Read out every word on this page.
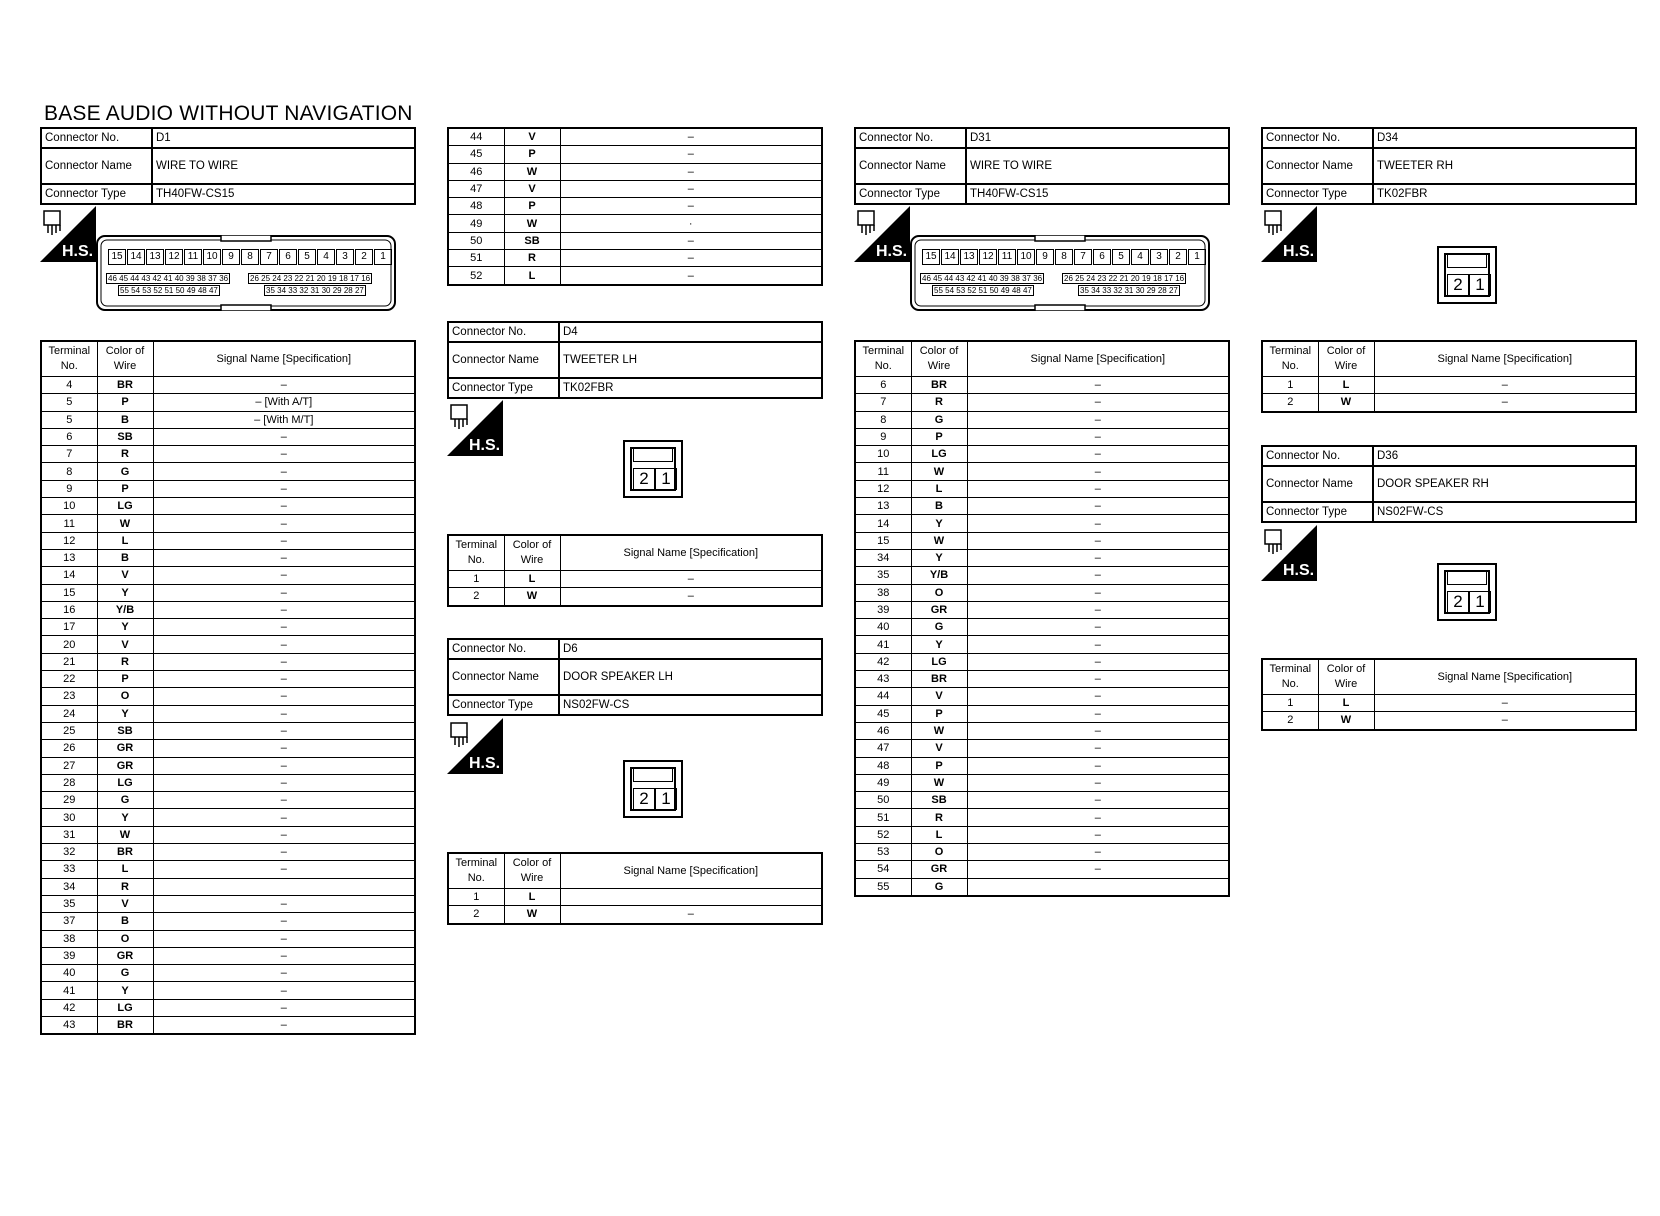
BASE AUDIO WITHOUT NAVIGATION
Connector No.	D1
Connector Name	WIRE TO WIRE
Connector Type	TH40FW-CS15
H.S.	15 14 13 12 11 10	9	8	7	6	5	4	3	2	1
46 45 44 43 42 41 40 39 38 37 36	26 25 24 23 22 21 20 19 18 17 16
55 54 53 52 51 50 49 48 47	35 34 33 32 31 30 29 28 27
Terminal No.	Color of Wire	Signal Name [Specification]
4	BR	–
5	P	– [With A/T]
5	B	– [With M/T]
6	SB	–
7	R	–
8	G	–
9	P	–
10	LG	–
11	W	–
12	L	–
13	B	–
14	V	–
15	Y	–
16	Y/B	–
17	Y	–
20	V	–
21	R	–
22	P	–
23	O	–
24	Y	–
25	SB	–
26	GR	–
27	GR	–
28	LG	–
29	G	–
30	Y	–
31	W	–
32	BR	–
33	L	–
34	R	
35	V	–
37	B	–
38	O	–
39	GR	–
40	G	–
41	Y	–
42	LG	–
43	BR	–
44	V	–
45	P	–
46	W	–
47	V	–
48	P	–
49	W	·
50	SB	–
51	R	–
52	L	–
Connector No.	D4
Connector Name	TWEETER LH
Connector Type	TK02FBR
H.S.
2 1
Terminal No.	Color of Wire	Signal Name [Specification]
1	L	–
2	W	–
Connector No.	D6
Connector Name	DOOR SPEAKER LH
Connector Type	NS02FW-CS
H.S.
2 1
Terminal No.	Color of Wire	Signal Name [Specification]
1	L	
2	W	–
Connector No.	D31
Connector Name	WIRE TO WIRE
Connector Type	TH40FW-CS15
H.S.	15 14 13 12 11 10	9	8	7	6	5	4	3	2	1
46 45 44 43 42 41 40 39 38 37 36	26 25 24 23 22 21 20 19 18 17 16
55 54 53 52 51 50 49 48 47	35 34 33 32 31 30 29 28 27
Terminal No.	Color of Wire	Signal Name [Specification]
6	BR	–
7	R	–
8	G	–
9	P	–
10	LG	–
11	W	–
12	L	–
13	B	–
14	Y	–
15	W	–
34	Y	–
35	Y/B	–
38	O	–
39	GR	–
40	G	–
41	Y	–
42	LG	–
43	BR	–
44	V	–
45	P	–
46	W	–
47	V	–
48	P	–
49	W	–
50	SB	–
51	R	–
52	L	–
53	O	–
54	GR	–
55	G	
Connector No.	D34
Connector Name	TWEETER RH
Connector Type	TK02FBR
H.S.
2 1
Terminal No.	Color of Wire	Signal Name [Specification]
1	L	–
2	W	–
Connector No.	D36
Connector Name	DOOR SPEAKER RH
Connector Type	NS02FW-CS
H.S.
2 1
Terminal No.	Color of Wire	Signal Name [Specification]
1	L	–
2	W	–
